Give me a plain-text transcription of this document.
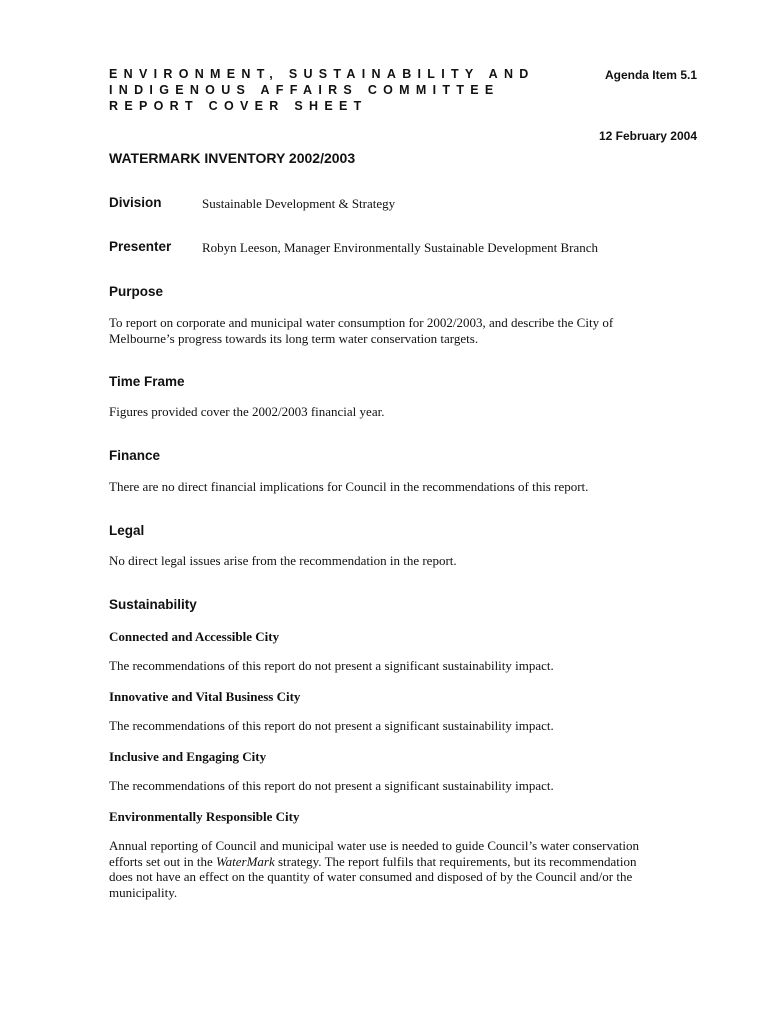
ENVIRONMENT, SUSTAINABILITY AND
INDIGENOUS AFFAIRS COMMITTEE
REPORT COVER SHEET
Agenda Item 5.1
12 February 2004
WATERMARK INVENTORY 2002/2003
Division	Sustainable Development & Strategy
Presenter Robyn Leeson, Manager Environmentally Sustainable Development Branch
Purpose
To report on corporate and municipal water consumption for 2002/2003, and describe the City of
Melbourne’s progress towards its long term water conservation targets.
Time Frame
Figures provided cover the 2002/2003 financial year.
Finance
There are no direct financial implications for Council in the recommendations of this report.
Legal
No direct legal issues arise from the recommendation in the report.
Sustainability
Connected and Accessible City
The recommendations of this report do not present a significant sustainability impact.
Innovative and Vital Business City
The recommendations of this report do not present a significant sustainability impact.
Inclusive and Engaging City
The recommendations of this report do not present a significant sustainability impact.
Environmentally Responsible City
Annual reporting of Council and municipal water use is needed to guide Council’s water conservation
efforts set out in the WaterMark strategy. The report fulfils that requirements, but its recommendation
does not have an effect on the quantity of water consumed and disposed of by the Council and/or the
municipality.
